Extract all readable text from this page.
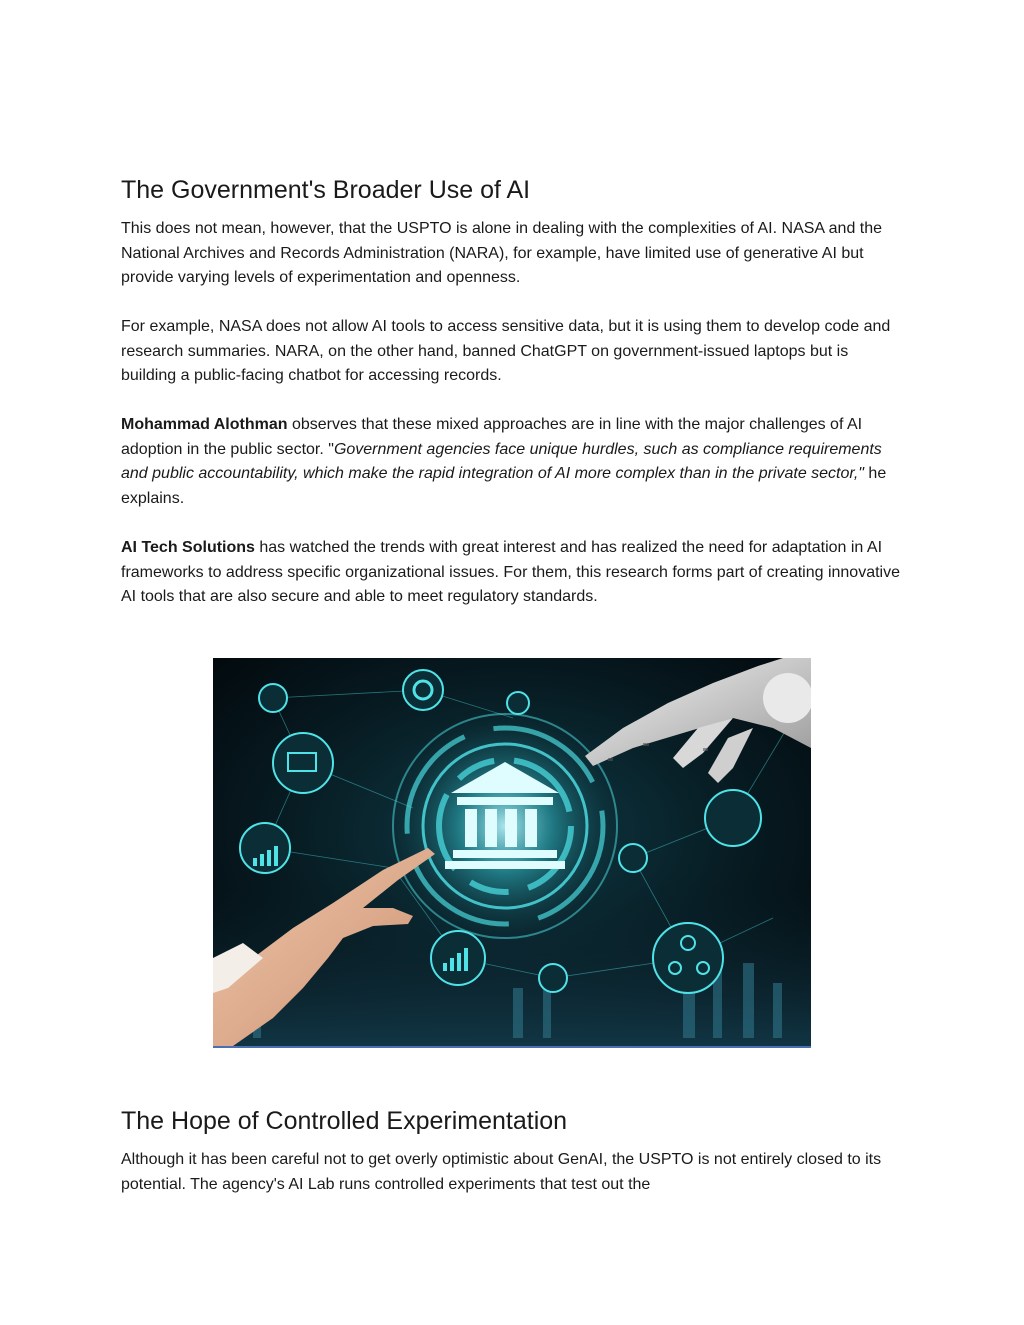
The Government's Broader Use of AI

This does not mean, however, that the USPTO is alone in dealing with the complexities of AI. NASA and the National Archives and Records Administration (NARA), for example, have limited use of generative AI but provide varying levels of experimentation and openness.

For example, NASA does not allow AI tools to access sensitive data, but it is using them to develop code and research summaries. NARA, on the other hand, banned ChatGPT on government-issued laptops but is building a public-facing chatbot for accessing records.

Mohammad Alothman observes that these mixed approaches are in line with the major challenges of AI adoption in the public sector. "Government agencies face unique hurdles, such as compliance requirements and public accountability, which make the rapid integration of AI more complex than in the private sector," he explains.

AI Tech Solutions has watched the trends with great interest and has realized the need for adaptation in AI frameworks to address specific organizational issues. For them, this research forms part of creating innovative AI tools that are also secure and able to meet regulatory standards.

The Hope of Controlled Experimentation

Although it has been careful not to get overly optimistic about GenAI, the USPTO is not entirely closed to its potential. The agency's AI Lab runs controlled experiments that test out the
